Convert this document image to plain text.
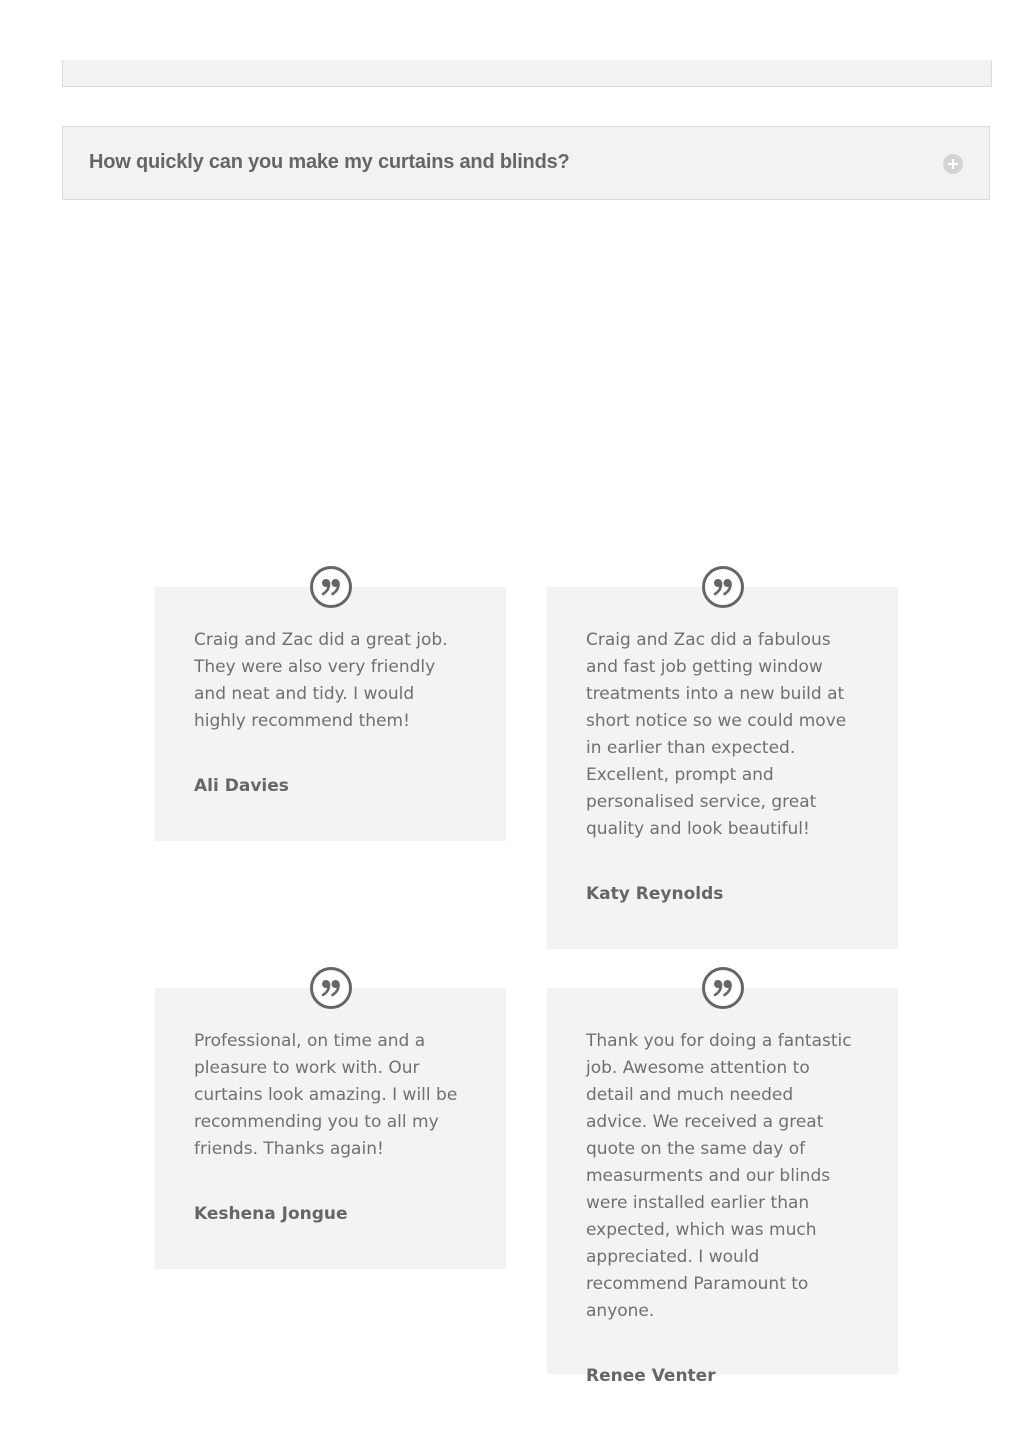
How quickly can you make my curtains and blinds?

Craig and Zac did a great job. They were also very friendly and neat and tidy. I would highly recommend them!

Ali Davies

Craig and Zac did a fabulous and fast job getting window treatments into a new build at short notice so we could move in earlier than expected. Excellent, prompt and personalised service, great quality and look beautiful!

Katy Reynolds

Professional, on time and a pleasure to work with. Our curtains look amazing. I will be recommending you to all my friends. Thanks again!

Keshena Jongue

Thank you for doing a fantastic job. Awesome attention to detail and much needed advice. We received a great quote on the same day of measurments and our blinds were installed earlier than expected, which was much appreciated. I would recommend Paramount to anyone.

Renee Venter
